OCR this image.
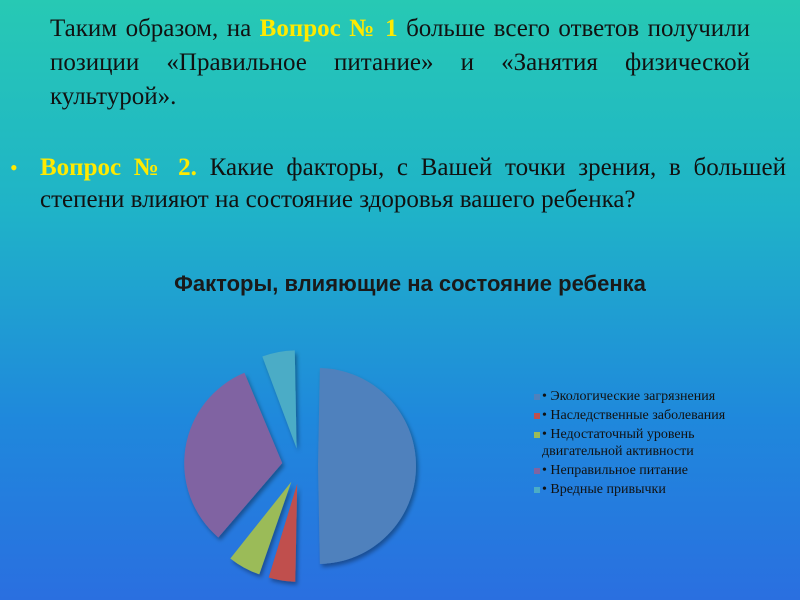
Таким образом, на Вопрос № 1 больше всего ответов получили позиции «Правильное питание» и «Занятия физической культурой».
• Вопрос № 2. Какие факторы, с Вашей точки зрения, в большей степени влияют на состояние здоровья вашего ребенка?
Факторы, влияющие на состояние ребенка
• Экологические загрязнения
• Наследственные заболевания
• Недостаточный уровень двигательной активности
• Неправильное питание
• Вредные привычки
